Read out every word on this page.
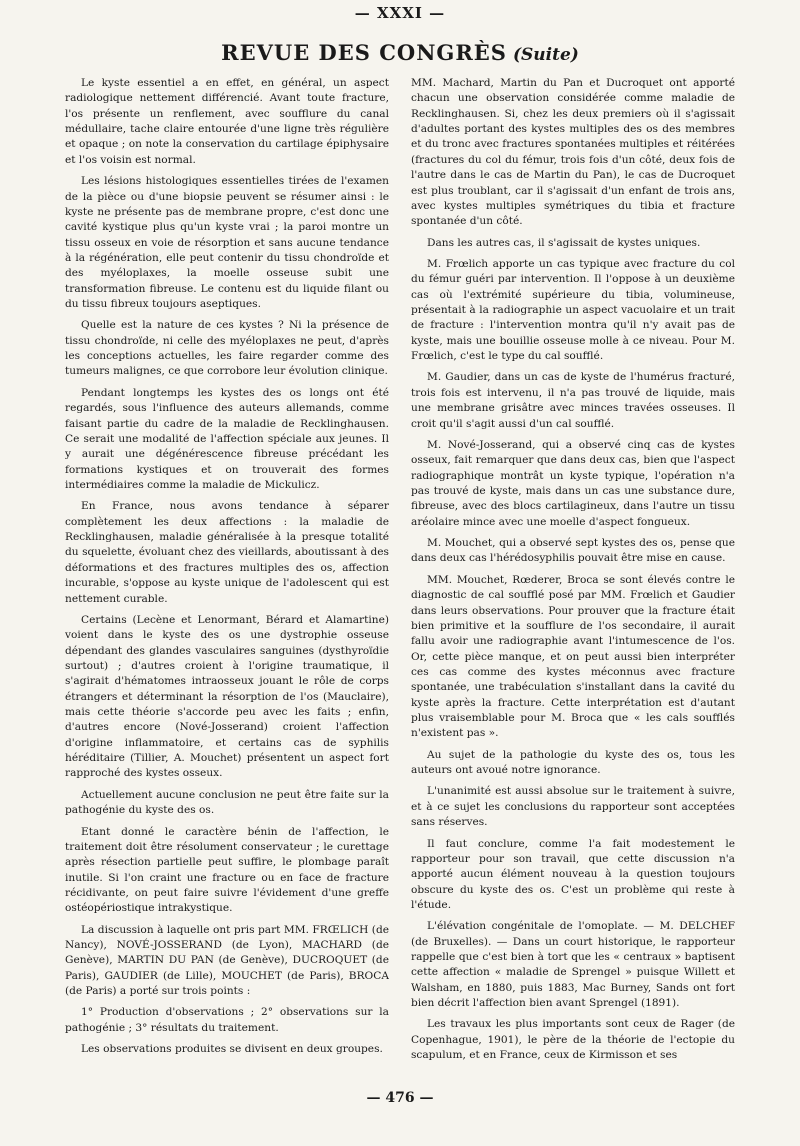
— XXXI —
REVUE DES CONGRÈS (Suite)

Le kyste essentiel a en effet, en général, un aspect radiologique nettement différencié. Avant toute fracture, l'os présente un renflement, avec soufflure du canal médullaire, tache claire entourée d'une ligne très régulière et opaque ; on note la conservation du cartilage épiphysaire et l'os voisin est normal.

Les lésions histologiques essentielles tirées de l'examen de la pièce ou d'une biopsie peuvent se résumer ainsi : le kyste ne présente pas de membrane propre, c'est donc une cavité kystique plus qu'un kyste vrai ; la paroi montre un tissu osseux en voie de résorption et sans aucune tendance à la régénération, elle peut contenir du tissu chondroïde et des myéloplaxes, la moelle osseuse subit une transformation fibreuse. Le contenu est du liquide filant ou du tissu fibreux toujours aseptiques.

Quelle est la nature de ces kystes ? Ni la présence de tissu chondroïde, ni celle des myéloplaxes ne peut, d'après les conceptions actuelles, les faire regarder comme des tumeurs malignes, ce que corrobore leur évolution clinique.

Pendant longtemps les kystes des os longs ont été regardés, sous l'influence des auteurs allemands, comme faisant partie du cadre de la maladie de Recklinghausen. Ce serait une modalité de l'affection spéciale aux jeunes. Il y aurait une dégénérescence fibreuse précédant les formations kystiques et on trouverait des formes intermédiaires comme la maladie de Mickulicz.

En France, nous avons tendance à séparer complètement les deux affections : la maladie de Recklinghausen, maladie généralisée à la presque totalité du squelette, évoluant chez des vieillards, aboutissant à des déformations et des fractures multiples des os, affection incurable, s'oppose au kyste unique de l'adolescent qui est nettement curable.

Certains (Lecène et Lenormant, Bérard et Alamartine) voient dans le kyste des os une dystrophie osseuse dépendant des glandes vasculaires sanguines (dysthyroïdie surtout) ; d'autres croient à l'origine traumatique, il s'agirait d'hématomes intraosseux jouant le rôle de corps étrangers et déterminant la résorption de l'os (Mauclaire), mais cette théorie s'accorde peu avec les faits ; enfin, d'autres encore (Nové-Josserand) croient l'affection d'origine inflammatoire, et certains cas de syphilis héréditaire (Tillier, A. Mouchet) présentent un aspect fort rapproché des kystes osseux.

Actuellement aucune conclusion ne peut être faite sur la pathogénie du kyste des os.

Etant donné le caractère bénin de l'affection, le traitement doit être résolument conservateur ; le curettage après résection partielle peut suffire, le plombage paraît inutile. Si l'on craint une fracture ou en face de fracture récidivante, on peut faire suivre l'évidement d'une greffe ostéopériostique intrakystique.

La discussion à laquelle ont pris part MM. FRŒLICH (de Nancy), NOVÉ-JOSSERAND (de Lyon), MACHARD (de Genève), MARTIN DU PAN (de Genève), DUCROQUET (de Paris), GAUDIER (de Lille), MOUCHET (de Paris), BROCA (de Paris) a porté sur trois points :

1° Production d'observations ; 2° observations sur la pathogénie ; 3° résultats du traitement.

Les observations produites se divisent en deux groupes.

MM. Machard, Martin du Pan et Ducroquet ont apporté chacun une observation considérée comme maladie de Recklinghausen. Si, chez les deux premiers où il s'agissait d'adultes portant des kystes multiples des os des membres et du tronc avec fractures spontanées multiples et réitérées (fractures du col du fémur, trois fois d'un côté, deux fois de l'autre dans le cas de Martin du Pan), le cas de Ducroquet est plus troublant, car il s'agissait d'un enfant de trois ans, avec kystes multiples symétriques du tibia et fracture spontanée d'un côté.

Dans les autres cas, il s'agissait de kystes uniques.

M. Frœlich apporte un cas typique avec fracture du col du fémur guéri par intervention. Il l'oppose à un deuxième cas où l'extrémité supérieure du tibia, volumineuse, présentait à la radiographie un aspect vacuolaire et un trait de fracture : l'intervention montra qu'il n'y avait pas de kyste, mais une bouillie osseuse molle à ce niveau. Pour M. Frœlich, c'est le type du cal soufflé.

M. Gaudier, dans un cas de kyste de l'humérus fracturé, trois fois est intervenu, il n'a pas trouvé de liquide, mais une membrane grisâtre avec minces travées osseuses. Il croit qu'il s'agit aussi d'un cal soufflé.

M. Nové-Josserand, qui a observé cinq cas de kystes osseux, fait remarquer que dans deux cas, bien que l'aspect radiographique montrât un kyste typique, l'opération n'a pas trouvé de kyste, mais dans un cas une substance dure, fibreuse, avec des blocs cartilagineux, dans l'autre un tissu aréolaire mince avec une moelle d'aspect fongueux.

M. Mouchet, qui a observé sept kystes des os, pense que dans deux cas l'hérédosyphilis pouvait être mise en cause.

MM. Mouchet, Rœderer, Broca se sont élevés contre le diagnostic de cal soufflé posé par MM. Frœlich et Gaudier dans leurs observations. Pour prouver que la fracture était bien primitive et la soufflure de l'os secondaire, il aurait fallu avoir une radiographie avant l'intumescence de l'os. Or, cette pièce manque, et on peut aussi bien interpréter ces cas comme des kystes méconnus avec fracture spontanée, une trabéculation s'installant dans la cavité du kyste après la fracture. Cette interprétation est d'autant plus vraisemblable pour M. Broca que « les cals soufflés n'existent pas ».

Au sujet de la pathologie du kyste des os, tous les auteurs ont avoué notre ignorance.

L'unanimité est aussi absolue sur le traitement à suivre, et à ce sujet les conclusions du rapporteur sont acceptées sans réserves.

Il faut conclure, comme l'a fait modestement le rapporteur pour son travail, que cette discussion n'a apporté aucun élément nouveau à la question toujours obscure du kyste des os. C'est un problème qui reste à l'étude.

L'élévation congénitale de l'omoplate. — M. DELCHEF (de Bruxelles). — Dans un court historique, le rapporteur rappelle que c'est bien à tort que les « centraux » baptisent cette affection « maladie de Sprengel » puisque Willett et Walsham, en 1880, puis 1883, Mac Burney, Sands ont fort bien décrit l'affection bien avant Sprengel (1891).

Les travaux les plus importants sont ceux de Rager (de Copenhague, 1901), le père de la théorie de l'ectopie du scapulum, et en France, ceux de Kirmisson et ses

— 476 —
